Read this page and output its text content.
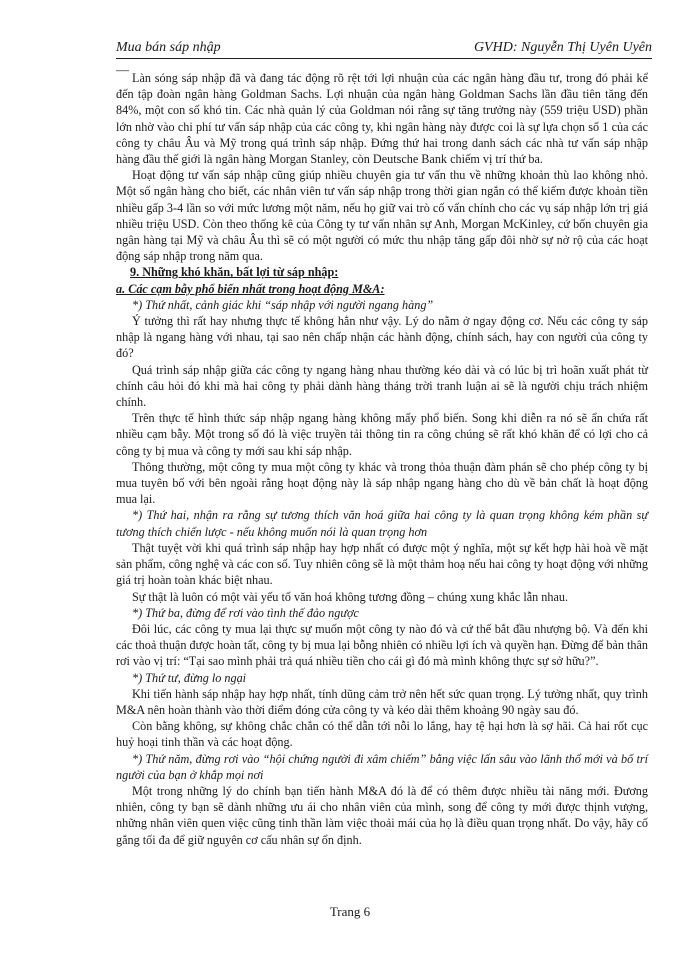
Mua bán sáp nhập	GVHD: Nguyễn Thị Uyên Uyên
—

Làn sóng sáp nhập đã và đang tác động rõ rệt tới lợi nhuận của các ngân hàng đầu tư, trong đó phải kể đến tập đoàn ngân hàng Goldman Sachs. Lợi nhuận của ngân hàng Goldman Sachs lần đầu tiên tăng đến 84%, một con số khó tin. Các nhà quản lý của Goldman nói rằng sự tăng trưởng này (559 triệu USD) phần lớn nhờ vào chi phí tư vấn sáp nhập của các công ty, khi ngân hàng này được coi là sự lựa chọn số 1 của các công ty châu Âu và Mỹ trong quá trình sáp nhập. Đứng thứ hai trong danh sách các nhà tư vấn sáp nhập hàng đầu thế giới là ngân hàng Morgan Stanley, còn Deutsche Bank chiếm vị trí thứ ba.

Hoạt động tư vấn sáp nhập cũng giúp nhiều chuyên gia tư vấn thu về những khoản thù lao không nhỏ. Một số ngân hàng cho biết, các nhân viên tư vấn sáp nhập trong thời gian ngắn có thể kiếm được khoản tiền nhiều gấp 3-4 lần so với mức lương một năm, nếu họ giữ vai trò cố vấn chính cho các vụ sáp nhập lớn trị giá nhiều triệu USD. Còn theo thống kê của Công ty tư vấn nhân sự Anh, Morgan McKinley, cứ bốn chuyên gia ngân hàng tại Mỹ và châu Âu thì sẽ có một người có mức thu nhập tăng gấp đôi nhờ sự nở rộ của các hoạt động sáp nhập trong năm qua.

9. Những khó khăn, bất lợi từ sáp nhập:

a. Các cạm bẫy phổ biến nhất trong hoạt động M&A:

*) Thứ nhất, cảnh giác khi “sáp nhập với người ngang hàng”

Ý tưởng thì rất hay nhưng thực tế không hẳn như vậy. Lý do nằm ở ngay động cơ. Nếu các công ty sáp nhập là ngang hàng với nhau, tại sao nên chấp nhận các hành động, chính sách, hay con người của công ty đó?

Quá trình sáp nhập giữa các công ty ngang hàng nhau thường kéo dài và có lúc bị trì hoãn xuất phát từ chính câu hỏi đó khi mà hai công ty phải dành hàng tháng trời tranh luận ai sẽ là người chịu trách nhiệm chính.

Trên thực tế hình thức sáp nhập ngang hàng không mấy phổ biến. Song khi diễn ra nó sẽ ẩn chứa rất nhiều cạm bẫy. Một trong số đó là việc truyền tải thông tin ra công chúng sẽ rất khó khăn để có lợi cho cả công ty bị mua và công ty mới sau khi sáp nhập.

Thông thường, một công ty mua một công ty khác và trong thỏa thuận đàm phán sẽ cho phép công ty bị mua tuyên bố với bên ngoài rằng hoạt động này là sáp nhập ngang hàng cho dù về bản chất là hoạt động mua lại.

*) Thứ hai, nhận ra rằng sự tương thích văn hoá giữa hai công ty là quan trọng không kém phần sự tương thích chiến lược - nếu không muốn nói là quan trọng hơn

Thật tuyệt vời khi quá trình sáp nhập hay hợp nhất có được một ý nghĩa, một sự kết hợp hài hoà về mặt sản phẩm, công nghệ và các con số. Tuy nhiên công sẽ là một thảm hoạ nếu hai công ty hoạt động với những giá trị hoàn toàn khác biệt nhau.

Sự thật là luôn có một vài yếu tố văn hoá không tương đồng – chúng xung khắc lẫn nhau.

*) Thứ ba, đừng để rơi vào tình thế đảo ngược

Đôi lúc, các công ty mua lại thực sự muốn một công ty nào đó và cứ thế bắt đầu nhượng bộ. Và đến khi các thoả thuận được hoàn tất, công ty bị mua lại bỗng nhiên có nhiều lợi ích và quyền hạn. Đừng để bản thân rơi vào vị trí: “Tại sao mình phải trả quá nhiều tiền cho cái gì đó mà mình không thực sự sở hữu?”.

*) Thứ tư, đừng lo ngại

Khi tiến hành sáp nhập hay hợp nhất, tính dũng cảm trở nên hết sức quan trọng. Lý tưởng nhất, quy trình M&A nên hoàn thành vào thời điểm đóng cửa công ty và kéo dài thêm khoảng 90 ngày sau đó.

Còn bằng không, sự không chắc chắn có thể dẫn tới nỗi lo lắng, hay tệ hại hơn là sợ hãi. Cả hai rốt cục huỷ hoại tinh thần và các hoạt động.

*) Thứ năm, đừng rơi vào “hội chứng người đi xâm chiếm” bằng việc lấn sâu vào lãnh thổ mới và bố trí người của bạn ở khắp mọi nơi

Một trong những lý do chính bạn tiến hành M&A đó là để có thêm được nhiều tài năng mới. Đương nhiên, công ty bạn sẽ dành những ưu ái cho nhân viên của mình, song để công ty mới được thịnh vượng, những nhân viên quen việc cũng tinh thần làm việc thoải mái của họ là điều quan trọng nhất. Do vậy, hãy cố gắng tối đa để giữ nguyên cơ cấu nhân sự ổn định.

Trang 6
